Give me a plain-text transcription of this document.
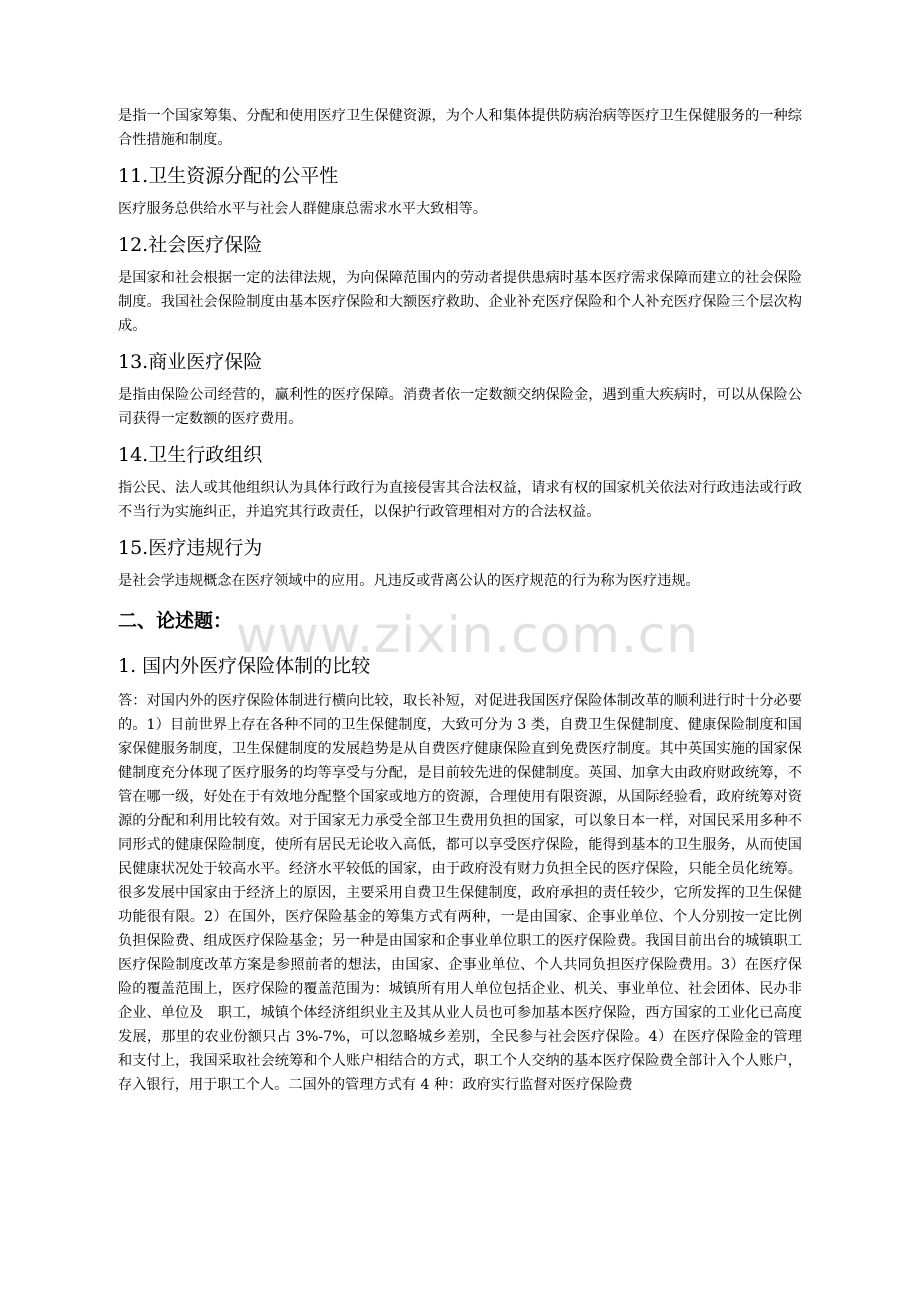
是指一个国家筹集、分配和使用医疗卫生保健资源，为个人和集体提供防病治病等医疗卫生保健服务的一种综合性措施和制度。

11.卫生资源分配的公平性

医疗服务总供给水平与社会人群健康总需求水平大致相等。

12.社会医疗保险

是国家和社会根据一定的法律法规，为向保障范围内的劳动者提供患病时基本医疗需求保障而建立的社会保险制度。我国社会保险制度由基本医疗保险和大额医疗救助、企业补充医疗保险和个人补充医疗保险三个层次构成。

13.商业医疗保险

是指由保险公司经营的，赢利性的医疗保障。消费者依一定数额交纳保险金，遇到重大疾病时，可以从保险公司获得一定数额的医疗费用。

14.卫生行政组织

指公民、法人或其他组织认为具体行政行为直接侵害其合法权益，请求有权的国家机关依法对行政违法或行政不当行为实施纠正，并追究其行政责任，以保护行政管理相对方的合法权益。

15.医疗违规行为

是社会学违规概念在医疗领域中的应用。凡违反或背离公认的医疗规范的行为称为医疗违规。

二、论述题：
1. 国内外医疗保险体制的比较

答：对国内外的医疗保险体制进行横向比较，取长补短，对促进我国医疗保险体制改革的顺利进行时十分必要的。1）目前世界上存在各种不同的卫生保健制度，大致可分为 3 类，自费卫生保健制度、健康保险制度和国家保健服务制度，卫生保健制度的发展趋势是从自费医疗健康保险直到免费医疗制度。其中英国实施的国家保健制度充分体现了医疗服务的均等享受与分配，是目前较先进的保健制度。英国、加拿大由政府财政统筹，不管在哪一级，好处在于有效地分配整个国家或地方的资源，合理使用有限资源，从国际经验看，政府统筹对资源的分配和利用比较有效。对于国家无力承受全部卫生费用负担的国家，可以象日本一样，对国民采用多种不同形式的健康保险制度，使所有居民无论收入高低，都可以享受医疗保险，能得到基本的卫生服务，从而使国民健康状况处于较高水平。经济水平较低的国家，由于政府没有财力负担全民的医疗保险，只能全员化统筹。很多发展中国家由于经济上的原因，主要采用自费卫生保健制度，政府承担的责任较少，它所发挥的卫生保健功能很有限。2）在国外，医疗保险基金的筹集方式有两种，一是由国家、企事业单位、个人分别按一定比例负担保险费、组成医疗保险基金；另一种是由国家和企事业单位职工的医疗保险费。我国目前出台的城镇职工医疗保险制度改革方案是参照前者的想法，由国家、企事业单位、个人共同负担医疗保险费用。3）在医疗保险的覆盖范围上，医疗保险的覆盖范围为：城镇所有用人单位包括企业、机关、事业单位、社会团体、民办非企业、单位及　职工，城镇个体经济组织业主及其从业人员也可参加基本医疗保险，西方国家的工业化已高度发展，那里的农业份额只占 3%-7%，可以忽略城乡差别，全民参与社会医疗保险。4）在医疗保险金的管理和支付上，我国采取社会统筹和个人账户相结合的方式，职工个人交纳的基本医疗保险费全部计入个人账户，存入银行，用于职工个人。二国外的管理方式有 4 种：政府实行监督对医疗保险费

www.zixin.com.cn
